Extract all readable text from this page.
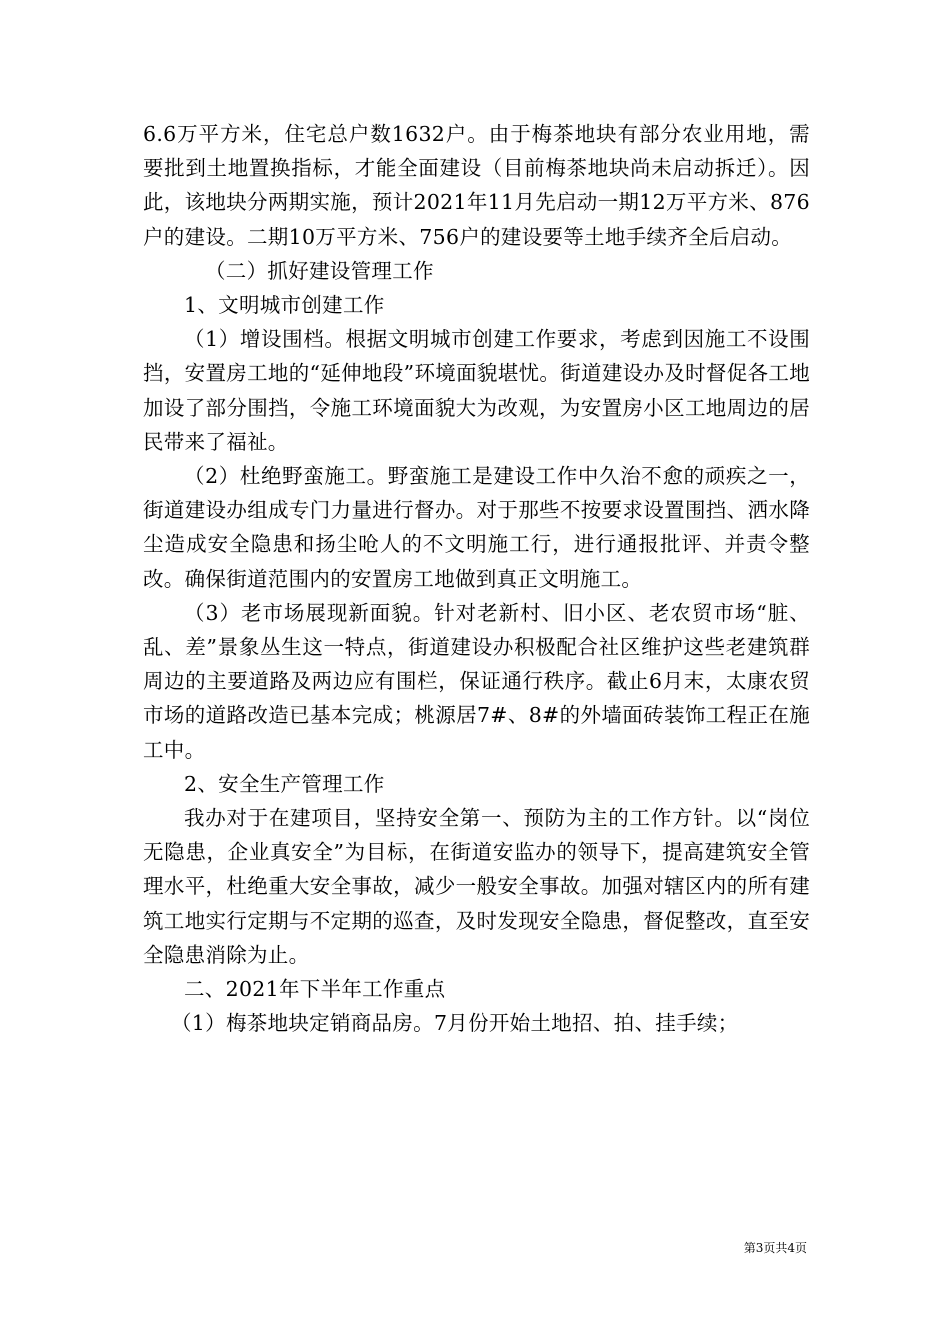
6.6万平方米，住宅总户数1632户。由于梅茶地块有部分农业用地，需要批到土地置换指标，才能全面建设（目前梅茶地块尚未启动拆迁）。因此，该地块分两期实施，预计2021年11月先启动一期12万平方米、876户的建设。二期10万平方米、756户的建设要等土地手续齐全后启动。

（二）抓好建设管理工作

1、文明城市创建工作

（1）增设围档。根据文明城市创建工作要求，考虑到因施工不设围挡，安置房工地的“延伸地段”环境面貌堪忧。街道建设办及时督促各工地加设了部分围挡，令施工环境面貌大为改观，为安置房小区工地周边的居民带来了福祉。

（2）杜绝野蛮施工。野蛮施工是建设工作中久治不愈的顽疾之一，街道建设办组成专门力量进行督办。对于那些不按要求设置围挡、洒水降尘造成安全隐患和扬尘呛人的不文明施工行，进行通报批评、并责令整改。确保街道范围内的安置房工地做到真正文明施工。

（3）老市场展现新面貌。针对老新村、旧小区、老农贸市场“脏、乱、差”景象丛生这一特点，街道建设办积极配合社区维护这些老建筑群周边的主要道路及两边应有围栏，保证通行秩序。截止6月末，太康农贸市场的道路改造已基本完成；桃源居7#、8#的外墙面砖装饰工程正在施工中。

2、安全生产管理工作

我办对于在建项目，坚持安全第一、预防为主的工作方针。以“岗位无隐患，企业真安全”为目标，在街道安监办的领导下，提高建筑安全管理水平，杜绝重大安全事故，减少一般安全事故。加强对辖区内的所有建筑工地实行定期与不定期的巡查，及时发现安全隐患，督促整改，直至安全隐患消除为止。

二、2021年下半年工作重点

（1）梅茶地块定销商品房。7月份开始土地招、拍、挂手续；

第3页共4页
